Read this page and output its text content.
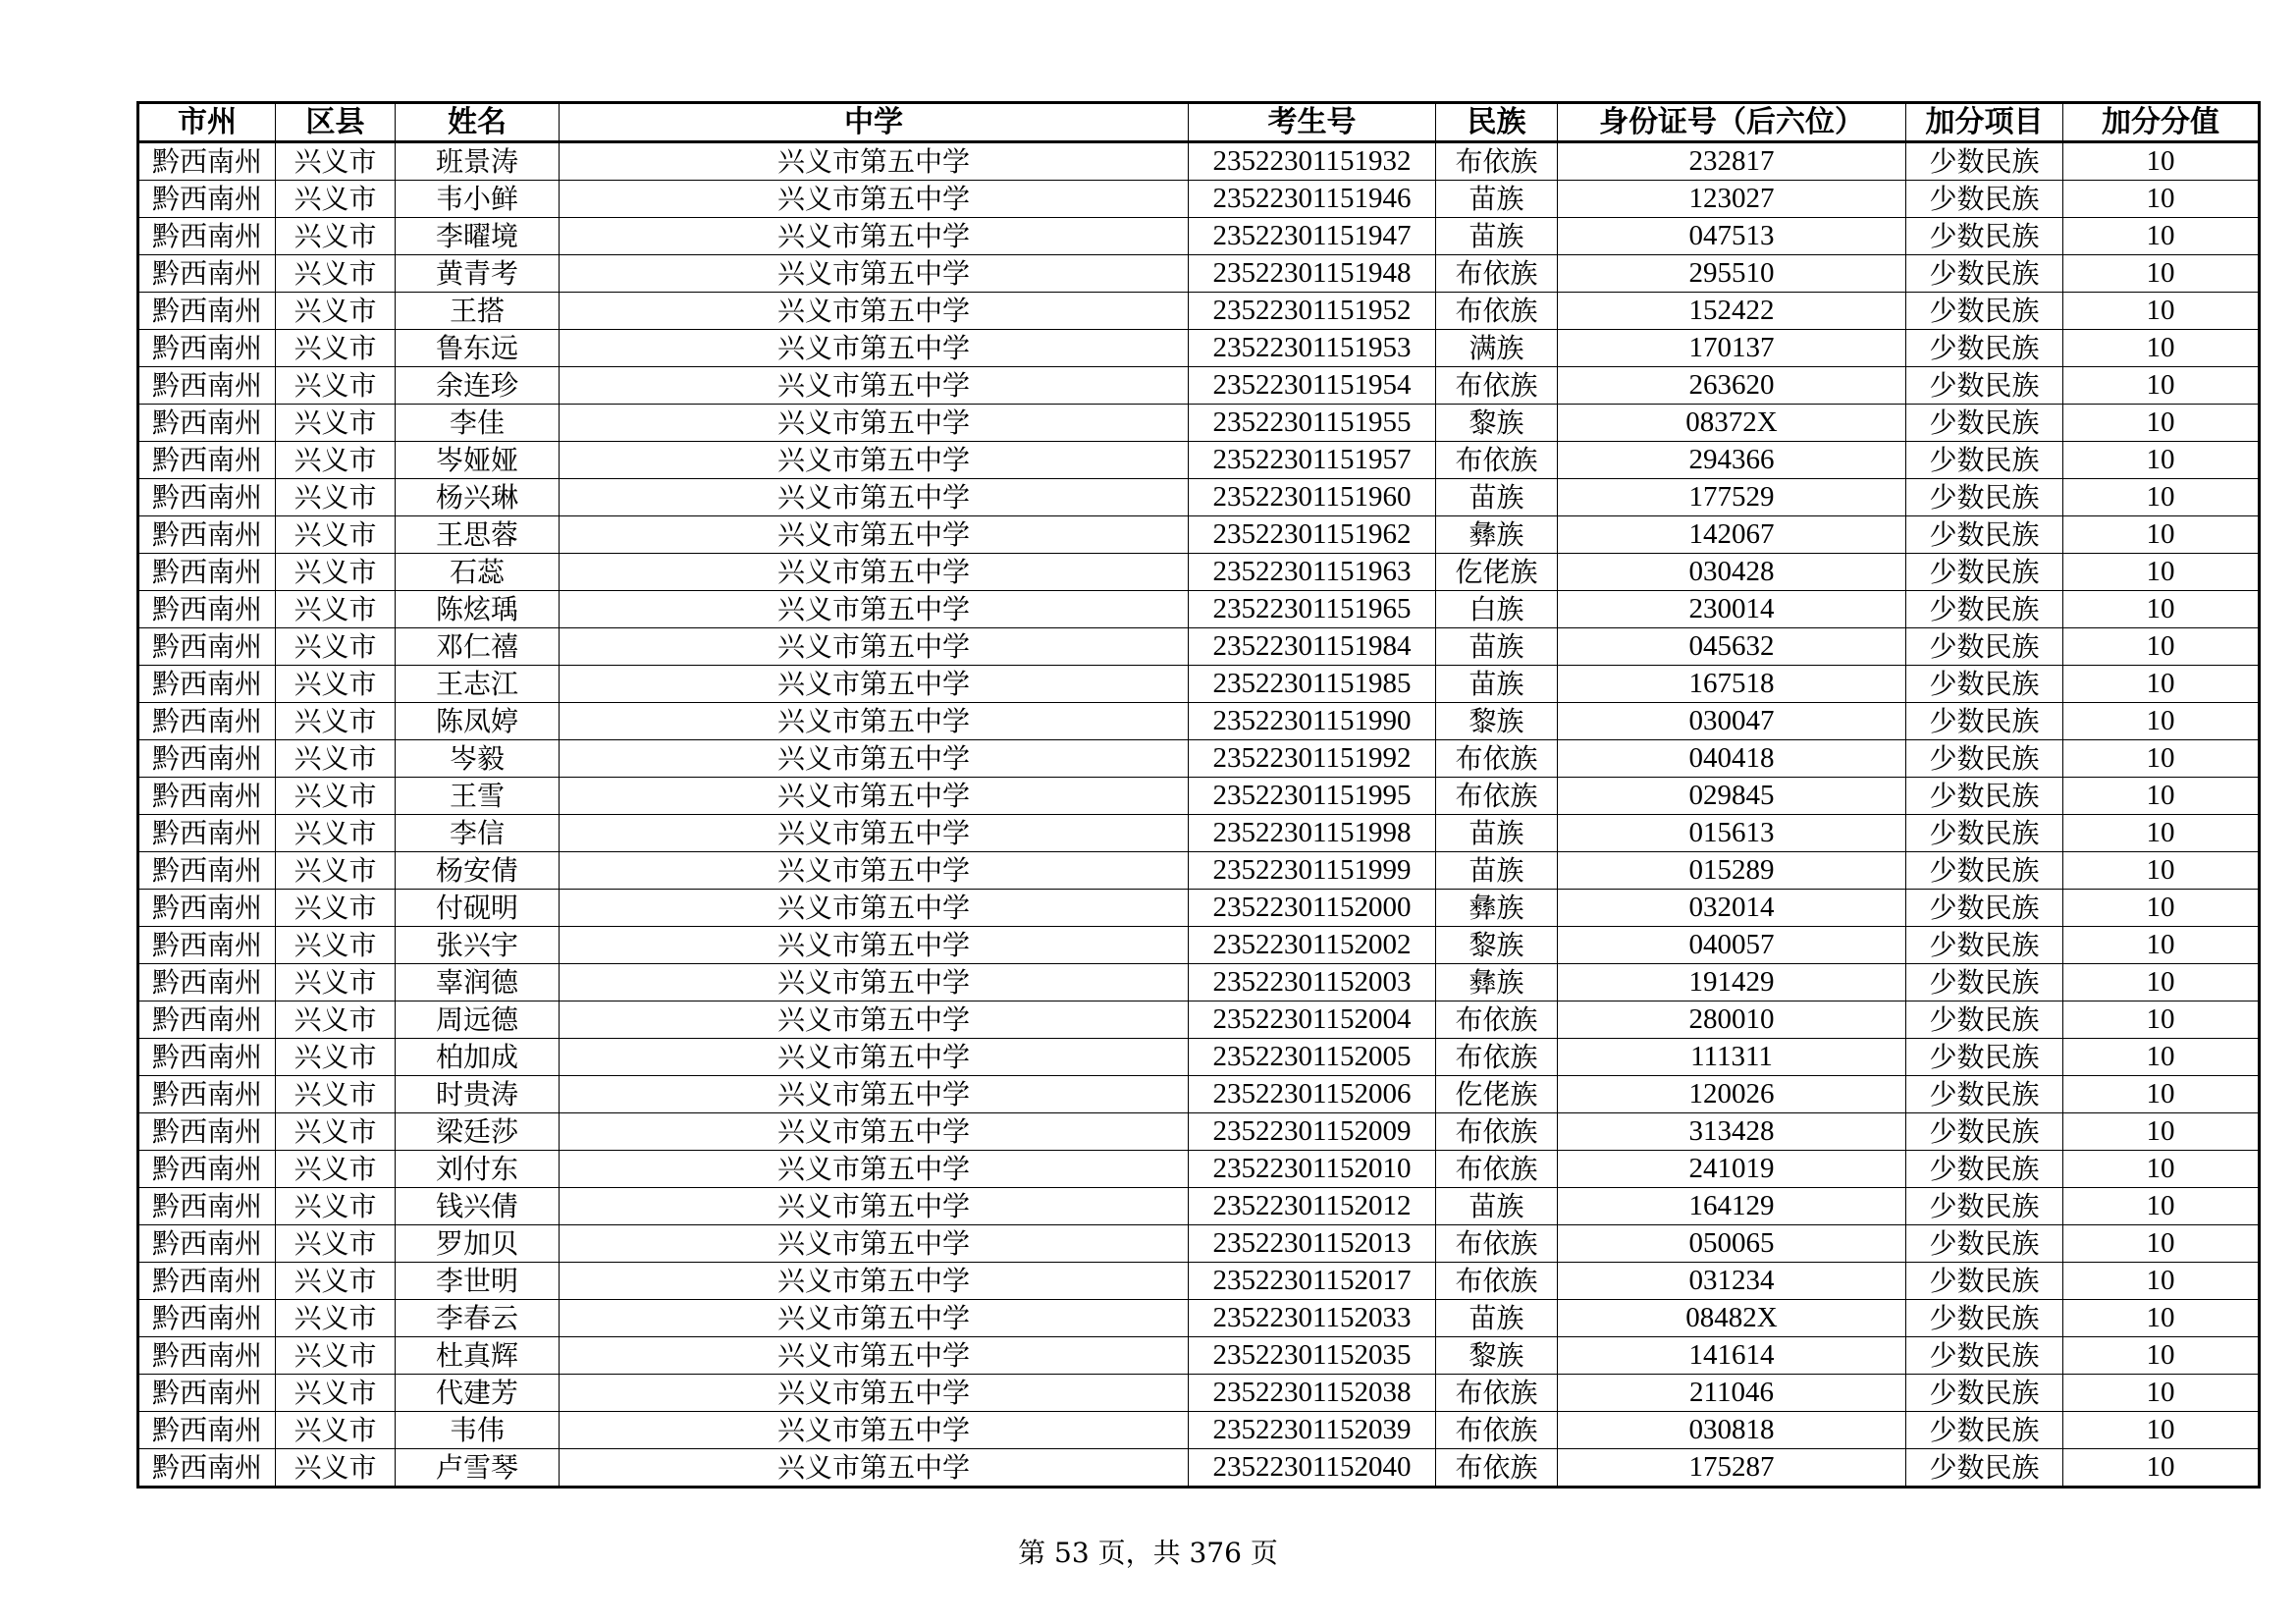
市州	区县	姓名	中学	考生号	民族	身份证号（后六位）	加分项目	加分分值
黔西南州	兴义市	班景涛	兴义市第五中学	23522301151932	布依族	232817	少数民族	10
黔西南州	兴义市	韦小鲜	兴义市第五中学	23522301151946	苗族	123027	少数民族	10
黔西南州	兴义市	李曜境	兴义市第五中学	23522301151947	苗族	047513	少数民族	10
黔西南州	兴义市	黄青考	兴义市第五中学	23522301151948	布依族	295510	少数民族	10
黔西南州	兴义市	王搭	兴义市第五中学	23522301151952	布依族	152422	少数民族	10
黔西南州	兴义市	鲁东远	兴义市第五中学	23522301151953	满族	170137	少数民族	10
黔西南州	兴义市	余连珍	兴义市第五中学	23522301151954	布依族	263620	少数民族	10
黔西南州	兴义市	李佳	兴义市第五中学	23522301151955	黎族	08372X	少数民族	10
黔西南州	兴义市	岑娅娅	兴义市第五中学	23522301151957	布依族	294366	少数民族	10
黔西南州	兴义市	杨兴琳	兴义市第五中学	23522301151960	苗族	177529	少数民族	10
黔西南州	兴义市	王思蓉	兴义市第五中学	23522301151962	彝族	142067	少数民族	10
黔西南州	兴义市	石蕊	兴义市第五中学	23522301151963	仡佬族	030428	少数民族	10
黔西南州	兴义市	陈炫瑀	兴义市第五中学	23522301151965	白族	230014	少数民族	10
黔西南州	兴义市	邓仁禧	兴义市第五中学	23522301151984	苗族	045632	少数民族	10
黔西南州	兴义市	王志江	兴义市第五中学	23522301151985	苗族	167518	少数民族	10
黔西南州	兴义市	陈凤婷	兴义市第五中学	23522301151990	黎族	030047	少数民族	10
黔西南州	兴义市	岑毅	兴义市第五中学	23522301151992	布依族	040418	少数民族	10
黔西南州	兴义市	王雪	兴义市第五中学	23522301151995	布依族	029845	少数民族	10
黔西南州	兴义市	李信	兴义市第五中学	23522301151998	苗族	015613	少数民族	10
黔西南州	兴义市	杨安倩	兴义市第五中学	23522301151999	苗族	015289	少数民族	10
黔西南州	兴义市	付砚明	兴义市第五中学	23522301152000	彝族	032014	少数民族	10
黔西南州	兴义市	张兴宇	兴义市第五中学	23522301152002	黎族	040057	少数民族	10
黔西南州	兴义市	辜润德	兴义市第五中学	23522301152003	彝族	191429	少数民族	10
黔西南州	兴义市	周远德	兴义市第五中学	23522301152004	布依族	280010	少数民族	10
黔西南州	兴义市	柏加成	兴义市第五中学	23522301152005	布依族	111311	少数民族	10
黔西南州	兴义市	时贵涛	兴义市第五中学	23522301152006	仡佬族	120026	少数民族	10
黔西南州	兴义市	梁廷莎	兴义市第五中学	23522301152009	布依族	313428	少数民族	10
黔西南州	兴义市	刘付东	兴义市第五中学	23522301152010	布依族	241019	少数民族	10
黔西南州	兴义市	钱兴倩	兴义市第五中学	23522301152012	苗族	164129	少数民族	10
黔西南州	兴义市	罗加贝	兴义市第五中学	23522301152013	布依族	050065	少数民族	10
黔西南州	兴义市	李世明	兴义市第五中学	23522301152017	布依族	031234	少数民族	10
黔西南州	兴义市	李春云	兴义市第五中学	23522301152033	苗族	08482X	少数民族	10
黔西南州	兴义市	杜真辉	兴义市第五中学	23522301152035	黎族	141614	少数民族	10
黔西南州	兴义市	代建芳	兴义市第五中学	23522301152038	布依族	211046	少数民族	10
黔西南州	兴义市	韦伟	兴义市第五中学	23522301152039	布依族	030818	少数民族	10
黔西南州	兴义市	卢雪琴	兴义市第五中学	23522301152040	布依族	175287	少数民族	10
第 53 页，共 376 页
